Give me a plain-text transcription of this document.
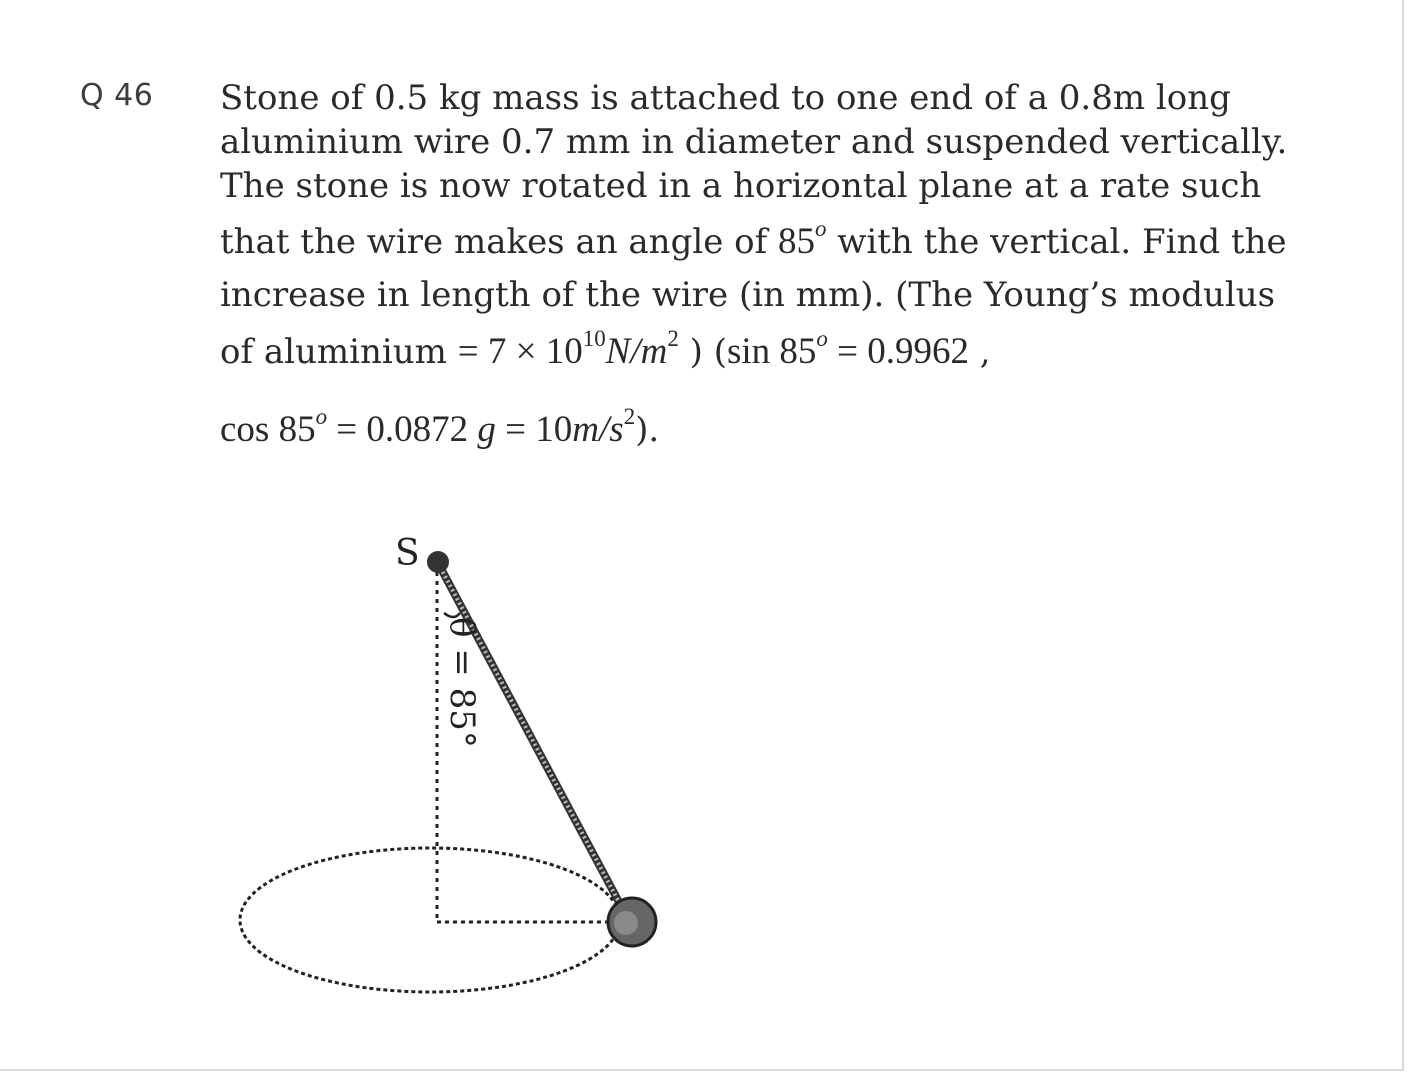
Q 46 Stone of 0.5 kg mass is attached to one end of a 0.8m long
aluminium wire 0.7 mm in diameter and suspended vertically.
The stone is now rotated in a horizontal plane at a rate such
that the wire makes an angle of 85$^o$ with the vertical. Find the
increase in length of the wire (in mm). (The Young’s modulus
of aluminium = $7 \times 10^{10}N/m^2$ ) (sin $85^o = 0.9962$ ,
$\cos 85^o = 0.0872$ $g = 10m/s^2$).
S
θ = 85°
